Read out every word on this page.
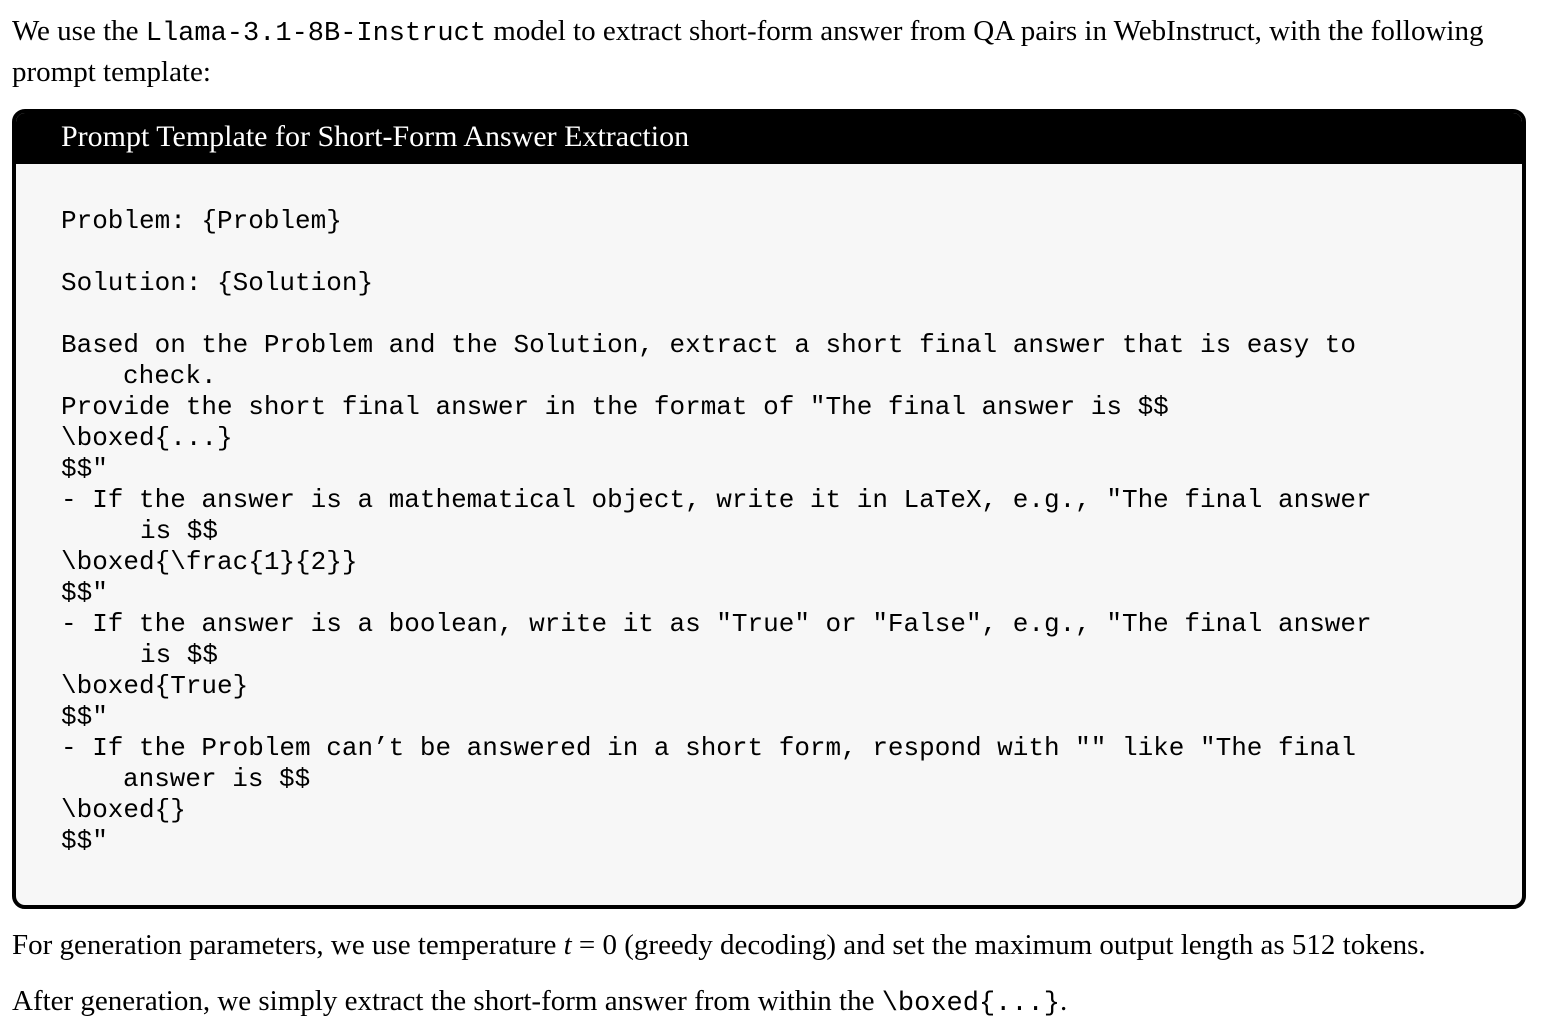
We use the Llama-3.1-8B-Instruct model to extract short-form answer from QA pairs in WebInstruct, with the following prompt template:
Prompt Template for Short-Form Answer Extraction
Problem: {Problem}
Solution: {Solution}
Based on the Problem and the Solution, extract a short final answer that is easy to
check.
Provide the short final answer in the format of "The final answer is $$
\boxed{...}
$$"
- If the answer is a mathematical object, write it in LaTeX, e.g., "The final answer
is $$
\boxed{\frac{1}{2}}
$$"
- If the answer is a boolean, write it as "True" or "False", e.g., "The final answer
is $$
\boxed{True}
$$"
- If the Problem can’t be answered in a short form, respond with "" like "The final
answer is $$
\boxed{}
$$"
For generation parameters, we use temperature t = 0 (greedy decoding) and set the maximum output length as 512 tokens.
After generation, we simply extract the short-form answer from within the \boxed{...}.
